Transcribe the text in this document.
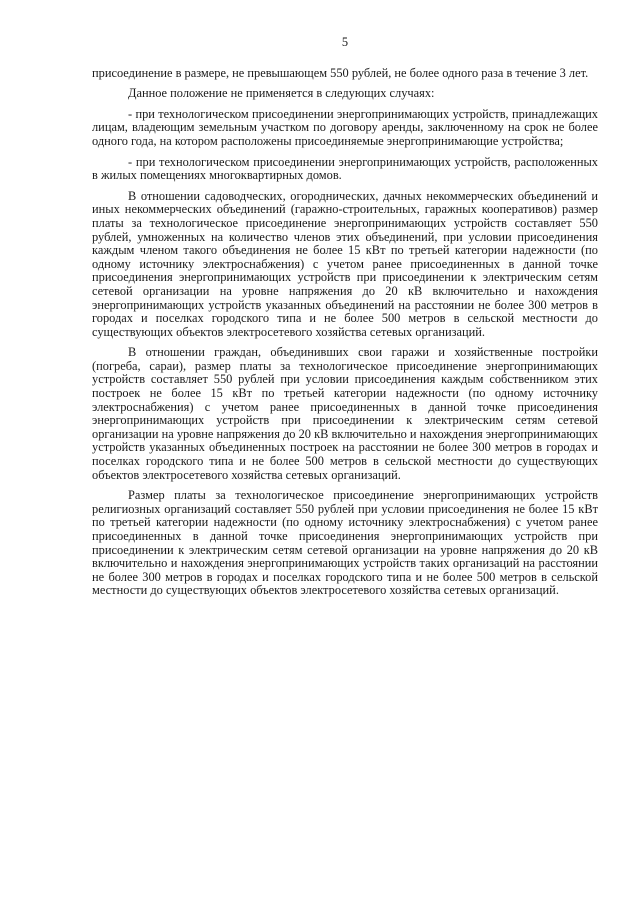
5

присоединение в размере, не превышающем 550 рублей, не более одного раза в течение 3 лет.

Данное положение не применяется в следующих случаях:

- при технологическом присоединении энергопринимающих устройств, принадлежащих лицам, владеющим земельным участком по договору аренды, заключенному на срок не более одного года, на котором расположены присоединяемые энергопринимающие устройства;

- при технологическом присоединении энергопринимающих устройств, расположенных в жилых помещениях многоквартирных домов.

В отношении садоводческих, огороднических, дачных некоммерческих объединений и иных некоммерческих объединений (гаражно-строительных, гаражных кооперативов) размер платы за технологическое присоединение энергопринимающих устройств составляет 550 рублей, умноженных на количество членов этих объединений, при условии присоединения каждым членом такого объединения не более 15 кВт по третьей категории надежности (по одному источнику электроснабжения) с учетом ранее присоединенных в данной точке присоединения энергопринимающих устройств при присоединении к электрическим сетям сетевой организации на уровне напряжения до 20 кВ включительно и нахождения энергопринимающих устройств указанных объединений на расстоянии не более 300 метров в городах и поселках городского типа и не более 500 метров в сельской местности до существующих объектов электросетевого хозяйства сетевых организаций.

В отношении граждан, объединивших свои гаражи и хозяйственные постройки (погреба, сараи), размер платы за технологическое присоединение энергопринимающих устройств составляет 550 рублей при условии присоединения каждым собственником этих построек не более 15 кВт по третьей категории надежности (по одному источнику электроснабжения) с учетом ранее присоединенных в данной точке присоединения энергопринимающих устройств при присоединении к электрическим сетям сетевой организации на уровне напряжения до 20 кВ включительно и нахождения энергопринимающих устройств указанных объединенных построек на расстоянии не более 300 метров в городах и поселках городского типа и не более 500 метров в сельской местности до существующих объектов электросетевого хозяйства сетевых организаций.

Размер платы за технологическое присоединение энергопринимающих устройств религиозных организаций составляет 550 рублей при условии присоединения не более 15 кВт по третьей категории надежности (по одному источнику электроснабжения) с учетом ранее присоединенных в данной точке присоединения энергопринимающих устройств при присоединении к электрическим сетям сетевой организации на уровне напряжения до 20 кВ включительно и нахождения энергопринимающих устройств таких организаций на расстоянии не более 300 метров в городах и поселках городского типа и не более 500 метров в сельской местности до существующих объектов электросетевого хозяйства сетевых организаций.
